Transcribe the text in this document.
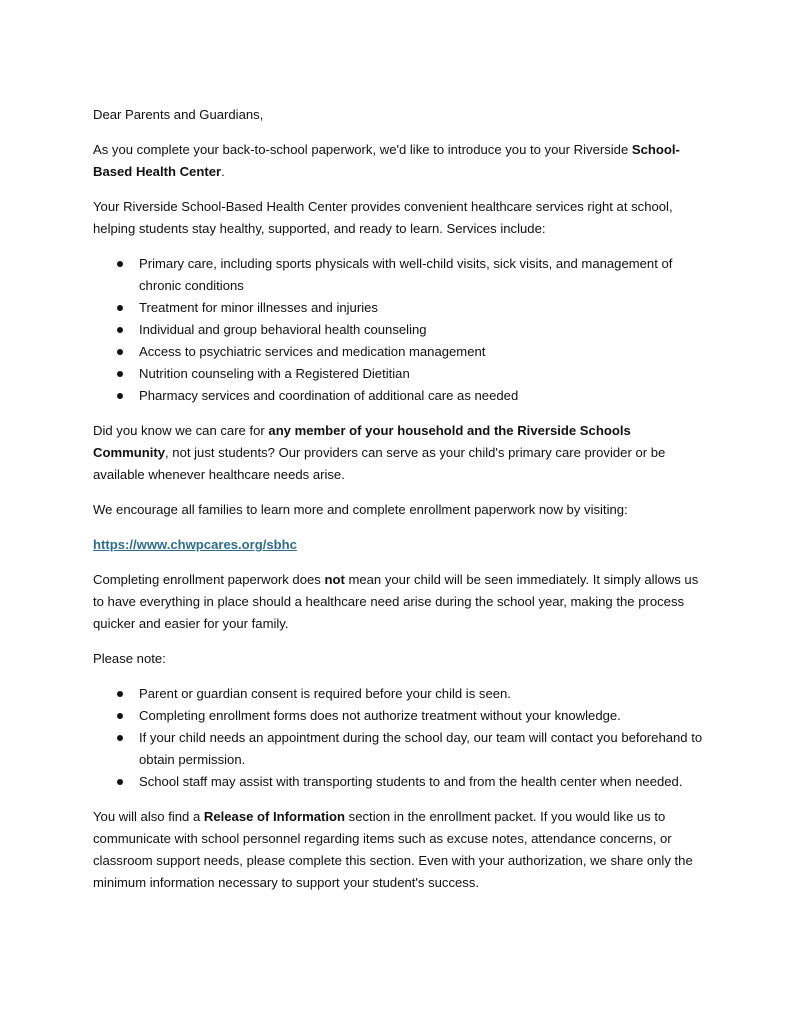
Dear Parents and Guardians,

As you complete your back-to-school paperwork, we'd like to introduce you to your Riverside School-Based Health Center.

Your Riverside School-Based Health Center provides convenient healthcare services right at school, helping students stay healthy, supported, and ready to learn. Services include:

Primary care, including sports physicals with well-child visits, sick visits, and management of chronic conditions
Treatment for minor illnesses and injuries
Individual and group behavioral health counseling
Access to psychiatric services and medication management
Nutrition counseling with a Registered Dietitian
Pharmacy services and coordination of additional care as needed

Did you know we can care for any member of your household and the Riverside Schools Community, not just students? Our providers can serve as your child's primary care provider or be available whenever healthcare needs arise.

We encourage all families to learn more and complete enrollment paperwork now by visiting:

https://www.chwpcares.org/sbhc

Completing enrollment paperwork does not mean your child will be seen immediately. It simply allows us to have everything in place should a healthcare need arise during the school year, making the process quicker and easier for your family.

Please note:

Parent or guardian consent is required before your child is seen.
Completing enrollment forms does not authorize treatment without your knowledge.
If your child needs an appointment during the school day, our team will contact you beforehand to obtain permission.
School staff may assist with transporting students to and from the health center when needed.

You will also find a Release of Information section in the enrollment packet. If you would like us to communicate with school personnel regarding items such as excuse notes, attendance concerns, or classroom support needs, please complete this section. Even with your authorization, we share only the minimum information necessary to support your student's success.
